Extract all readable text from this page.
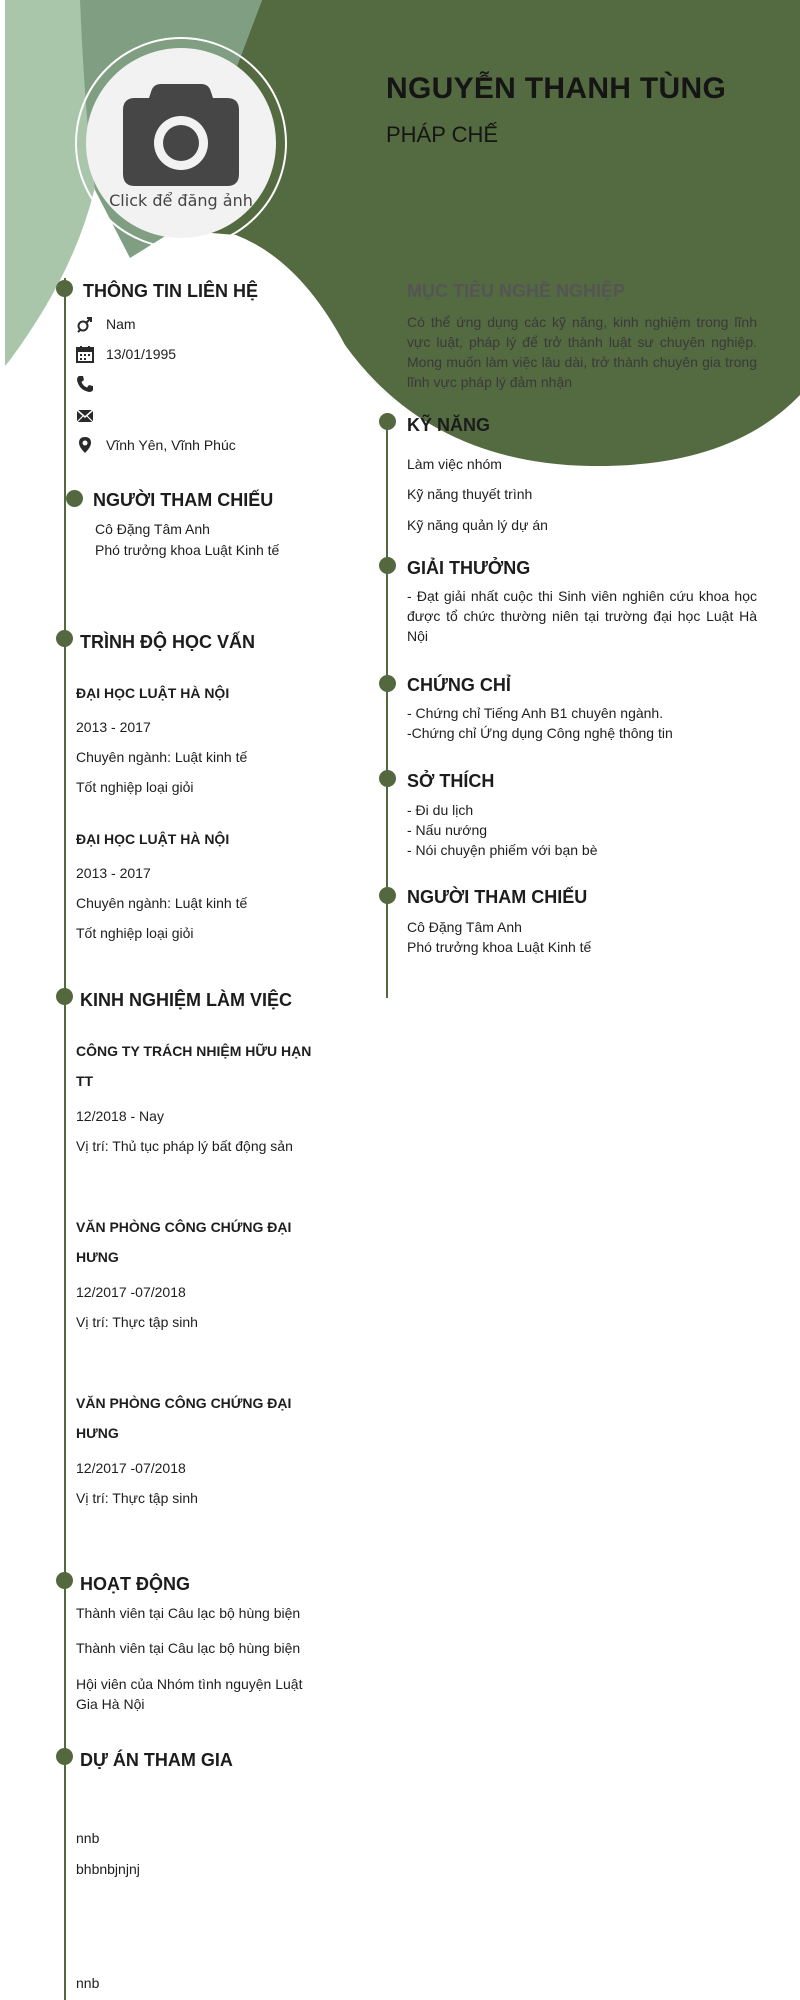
NGUYỄN THANH TÙNG
PHÁP CHẾ
Click để đăng ảnh
THÔNG TIN LIÊN HỆ
Nam
13/01/1995
Vĩnh Yên, Vĩnh Phúc
NGƯỜI THAM CHIẾU
Cô Đặng Tâm Anh
Phó trưởng khoa Luật Kinh tế
TRÌNH ĐỘ HỌC VẤN
ĐẠI HỌC LUẬT HÀ NỘI
2013 - 2017
Chuyên ngành: Luật kinh tế
Tốt nghiệp loại giỏi
ĐẠI HỌC LUẬT HÀ NỘI
2013 - 2017
Chuyên ngành: Luật kinh tế
Tốt nghiệp loại giỏi
KINH NGHIỆM LÀM VIỆC
CÔNG TY TRÁCH NHIỆM HỮU HẠN
TT
12/2018 - Nay
Vị trí: Thủ tục pháp lý bất động sản
VĂN PHÒNG CÔNG CHỨNG ĐẠI
HƯNG
12/2017 -07/2018
Vị trí: Thực tập sinh
VĂN PHÒNG CÔNG CHỨNG ĐẠI
HƯNG
12/2017 -07/2018
Vị trí: Thực tập sinh
HOẠT ĐỘNG
Thành viên tại Câu lạc bộ hùng biện
Thành viên tại Câu lạc bộ hùng biện
Hội viên của Nhóm tình nguyện Luật
Gia Hà Nội
DỰ ÁN THAM GIA
nnb
bhbnbjnjnj
nnb
MỤC TIÊU NGHỀ NGHIỆP
Có thể ứng dụng các kỹ năng, kinh nghiệm trong lĩnh vực luật, pháp lý để trở thành luật sư chuyên nghiệp. Mong muốn làm việc lâu dài, trở thành chuyên gia trong lĩnh vực pháp lý đảm nhận
KỸ NĂNG
Làm việc nhóm
Kỹ năng thuyết trình
Kỹ năng quản lý dự án
GIẢI THƯỞNG
- Đạt giải nhất cuộc thi Sinh viên nghiên cứu khoa học được tổ chức thường niên tại trường đại học Luật Hà Nội
CHỨNG CHỈ
- Chứng chỉ Tiếng Anh B1 chuyên ngành.
-Chứng chỉ Ứng dụng Công nghệ thông tin
SỞ THÍCH
- Đi du lịch
- Nấu nướng
- Nói chuyện phiếm với bạn bè
NGƯỜI THAM CHIẾU
Cô Đặng Tâm Anh
Phó trưởng khoa Luật Kinh tế
